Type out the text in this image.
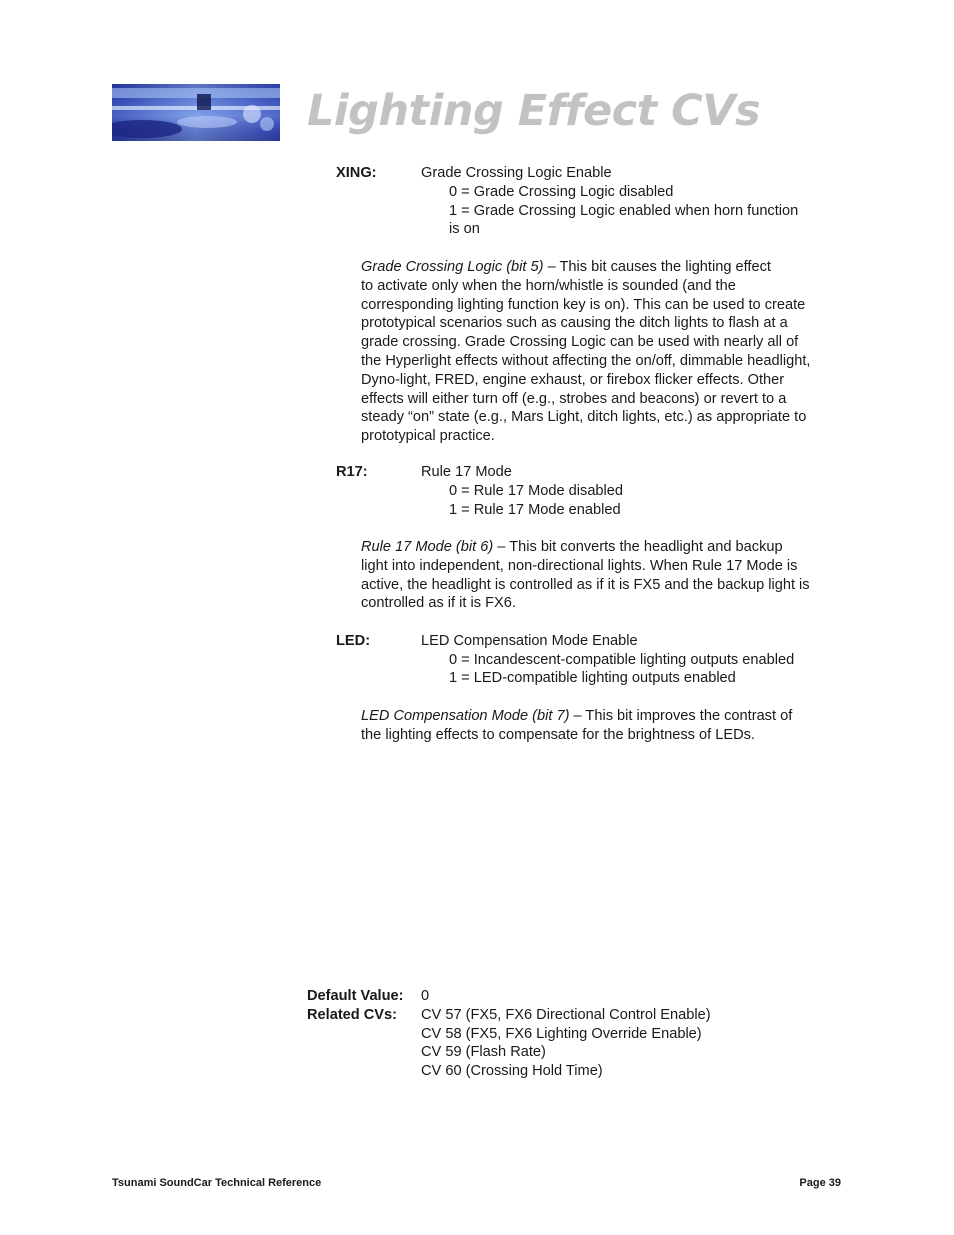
Lighting Effect CVs
XING:	Grade Crossing Logic Enable
0 = Grade Crossing Logic disabled
1 = Grade Crossing Logic enabled when horn function
is on
Grade Crossing Logic (bit 5) – This bit causes the lighting effect
to activate only when the horn/whistle is sounded (and the
corresponding lighting function key is on). This can be used to create
prototypical scenarios such as causing the ditch lights to flash at a
grade crossing. Grade Crossing Logic can be used with nearly all of
the Hyperlight effects without affecting the on/off, dimmable headlight,
Dyno-light, FRED, engine exhaust, or firebox flicker effects. Other
effects will either turn off (e.g., strobes and beacons) or revert to a
steady “on” state (e.g., Mars Light, ditch lights, etc.) as appropriate to
prototypical practice.
R17:	Rule 17 Mode
0 = Rule 17 Mode disabled
1 = Rule 17 Mode enabled
Rule 17 Mode (bit 6) – This bit converts the headlight and backup
light into independent, non-directional lights. When Rule 17 Mode is
active, the headlight is controlled as if it is FX5 and the backup light is
controlled as if it is FX6.
LED:	LED Compensation Mode Enable
0 = Incandescent-compatible lighting outputs enabled
1 = LED-compatible lighting outputs enabled
LED Compensation Mode (bit 7) – This bit improves the contrast of
the lighting effects to compensate for the brightness of LEDs.
Default Value: 0
Related CVs: CV 57 (FX5, FX6 Directional Control Enable)
CV 58 (FX5, FX6 Lighting Override Enable)
CV 59 (Flash Rate)
CV 60 (Crossing Hold Time)
Tsunami SoundCar Technical Reference	Page 39
